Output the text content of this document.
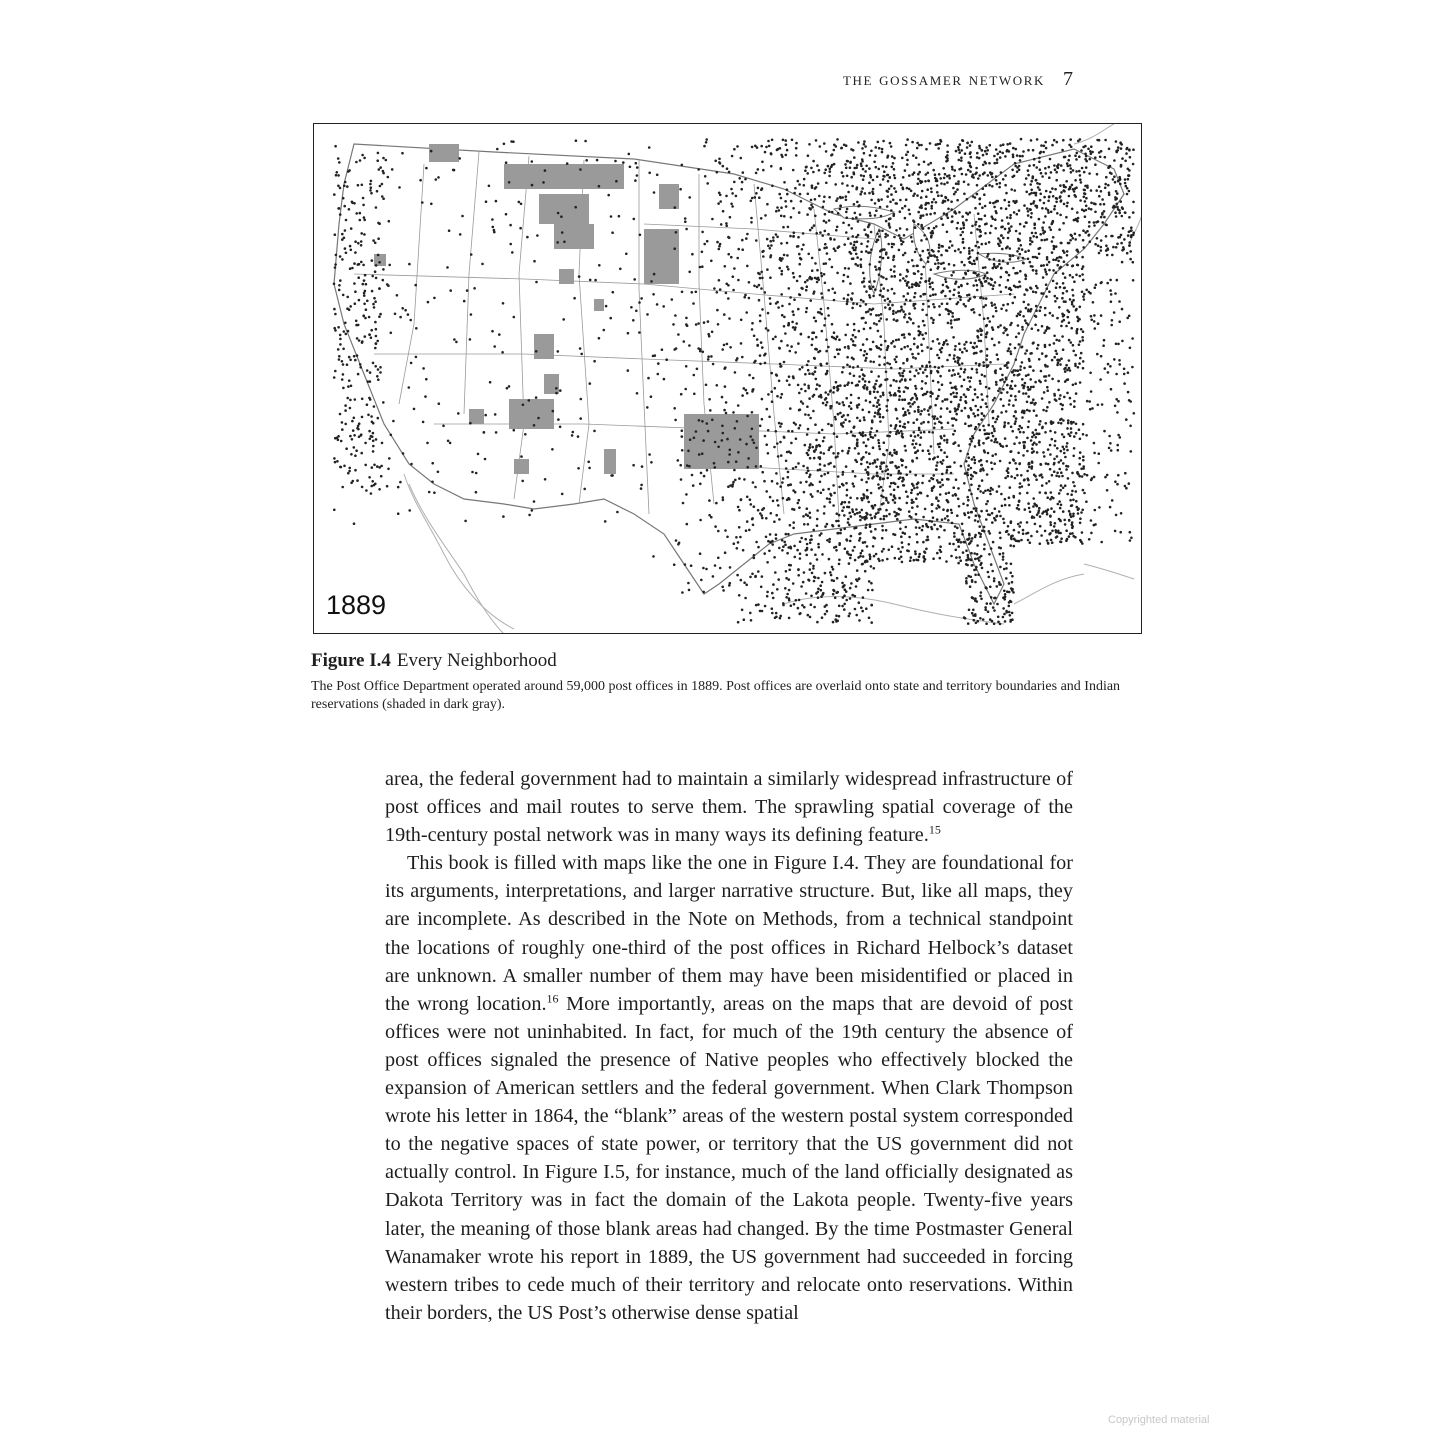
the gossamer network 7
1889
Figure I.4 Every Neighborhood
The Post Office Department operated around 59,000 post offices in 1889. Post offices are overlaid onto state and territory boundaries and Indian reservations (shaded in dark gray).

area, the federal government had to maintain a similarly widespread infrastructure of post offices and mail routes to serve them. The sprawling spatial coverage of the 19th-century postal network was in many ways its defining feature.$^{15}$

This book is filled with maps like the one in Figure I.4. They are foundational for its arguments, interpretations, and larger narrative structure. But, like all maps, they are incomplete. As described in the Note on Methods, from a technical standpoint the locations of roughly one-third of the post offices in Richard Helbock’s dataset are unknown. A smaller number of them may have been misidentified or placed in the wrong location.$^{16}$ More importantly, areas on the maps that are devoid of post offices were not uninhabited. In fact, for much of the 19th century the absence of post offices signaled the presence of Native peoples who effectively blocked the expansion of American settlers and the federal government. When Clark Thompson wrote his letter in 1864, the “blank” areas of the western postal system corresponded to the negative spaces of state power, or territory that the US government did not actually control. In Figure I.5, for instance, much of the land officially designated as Dakota Territory was in fact the domain of the Lakota people. Twenty-five years later, the meaning of those blank areas had changed. By the time Postmaster General Wanamaker wrote his report in 1889, the US government had succeeded in forcing western tribes to cede much of their territory and relocate onto reservations. Within their borders, the US Post’s otherwise dense spatial

Copyrighted material
